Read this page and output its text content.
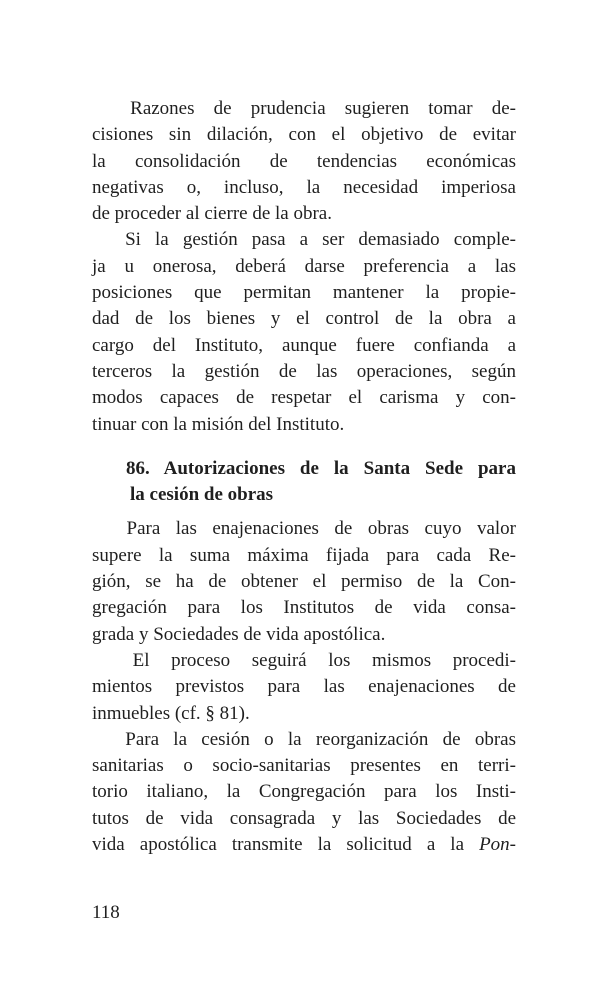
  Razones de prudencia sugieren tomar de-
cisiones sin dilación, con el objetivo de evitar
la consolidación de tendencias económicas
negativas o, incluso, la necesidad imperiosa
de proceder al cierre de la obra.
  Si la gestión pasa a ser demasiado comple-
ja u onerosa, deberá darse preferencia a las
posiciones que permitan mantener la propie-
dad de los bienes y el control de la obra a
cargo del Instituto, aunque fuere confianda a
terceros la gestión de las operaciones, según
modos capaces de respetar el carisma y con-
tinuar con la misión del Instituto.
  86. Autorizaciones de la Santa Sede para
la cesión de obras
  Para las enajenaciones de obras cuyo valor
supere la suma máxima fijada para cada Re-
gión, se ha de obtener el permiso de la Con-
gregación para los Institutos de vida consa-
grada y Sociedades de vida apostólica.
  El proceso seguirá los mismos procedi-
mientos previstos para las enajenaciones de
inmuebles (cf. § 81).
  Para la cesión o la reorganización de obras
sanitarias o socio-sanitarias presentes en terri-
torio italiano, la Congregación para los Insti-
tutos de vida consagrada y las Sociedades de
vida apostólica transmite la solicitud a la Pon-
118
